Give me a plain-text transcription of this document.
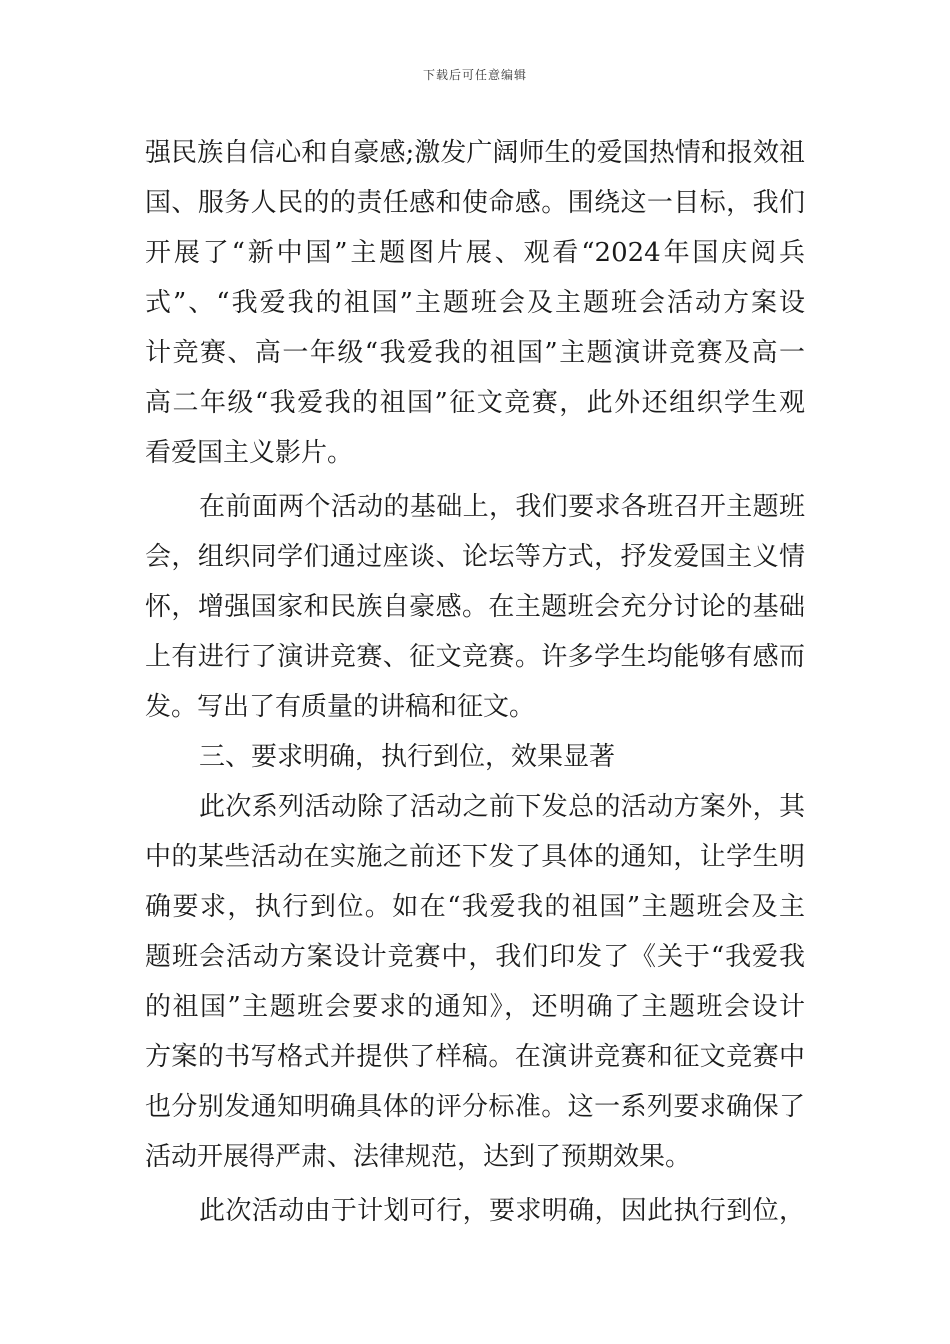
下载后可任意编辑
强民族自信心和自豪感;激发广阔师生的爱国热情和报效祖
国、服务人民的的责任感和使命感。围绕这一目标，我们
开展了“新中国”主题图片展、观看“2024年国庆阅兵
式”、“我爱我的祖国”主题班会及主题班会活动方案设
计竞赛、高一年级“我爱我的祖国”主题演讲竞赛及高一
高二年级“我爱我的祖国”征文竞赛，此外还组织学生观
看爱国主义影片。
在前面两个活动的基础上，我们要求各班召开主题班
会，组织同学们通过座谈、论坛等方式，抒发爱国主义情
怀，增强国家和民族自豪感。在主题班会充分讨论的基础
上有进行了演讲竞赛、征文竞赛。许多学生均能够有感而
发。写出了有质量的讲稿和征文。
三、要求明确，执行到位，效果显著
此次系列活动除了活动之前下发总的活动方案外，其
中的某些活动在实施之前还下发了具体的通知，让学生明
确要求，执行到位。如在“我爱我的祖国”主题班会及主
题班会活动方案设计竞赛中，我们印发了《关于“我爱我
的祖国”主题班会要求的通知》，还明确了主题班会设计
方案的书写格式并提供了样稿。在演讲竞赛和征文竞赛中
也分别发通知明确具体的评分标准。这一系列要求确保了
活动开展得严肃、法律规范，达到了预期效果。
此次活动由于计划可行，要求明确，因此执行到位，
